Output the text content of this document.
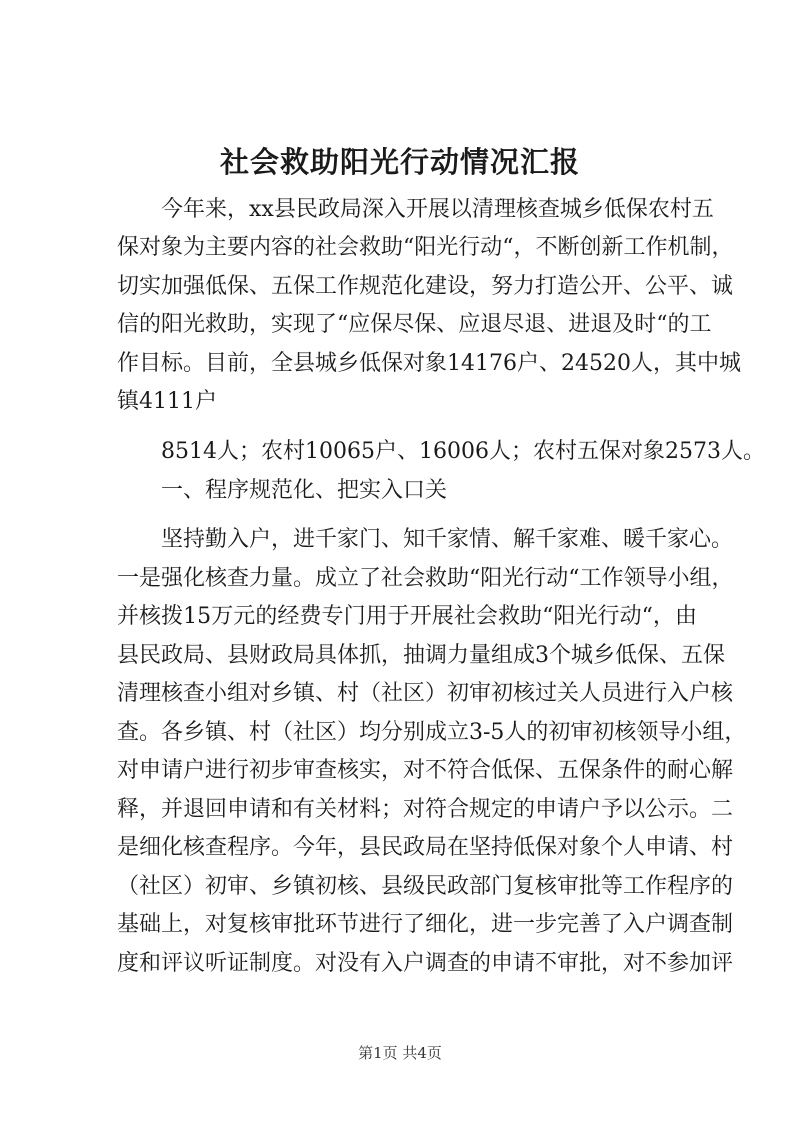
社会救助阳光行动情况汇报
今年来，xx县民政局深入开展以清理核查城乡低保农村五
保对象为主要内容的社会救助“阳光行动“，不断创新工作机制，
切实加强低保、五保工作规范化建设，努力打造公开、公平、诚
信的阳光救助，实现了“应保尽保、应退尽退、进退及时“的工
作目标。目前，全县城乡低保对象14176户、24520人，其中城
镇4111户
8514人；农村10065户、16006人；农村五保对象2573人。
一、程序规范化、把实入口关
坚持勤入户，进千家门、知千家情、解千家难、暖千家心。
一是强化核查力量。成立了社会救助“阳光行动“工作领导小组，
并核拨15万元的经费专门用于开展社会救助“阳光行动“，由
县民政局、县财政局具体抓，抽调力量组成3个城乡低保、五保
清理核查小组对乡镇、村（社区）初审初核过关人员进行入户核
查。各乡镇、村（社区）均分别成立3-5人的初审初核领导小组，
对申请户进行初步审查核实，对不符合低保、五保条件的耐心解
释，并退回申请和有关材料；对符合规定的申请户予以公示。二
是细化核查程序。今年，县民政局在坚持低保对象个人申请、村
（社区）初审、乡镇初核、县级民政部门复核审批等工作程序的
基础上，对复核审批环节进行了细化，进一步完善了入户调查制
度和评议听证制度。对没有入户调查的申请不审批，对不参加评
第1页 共4页
